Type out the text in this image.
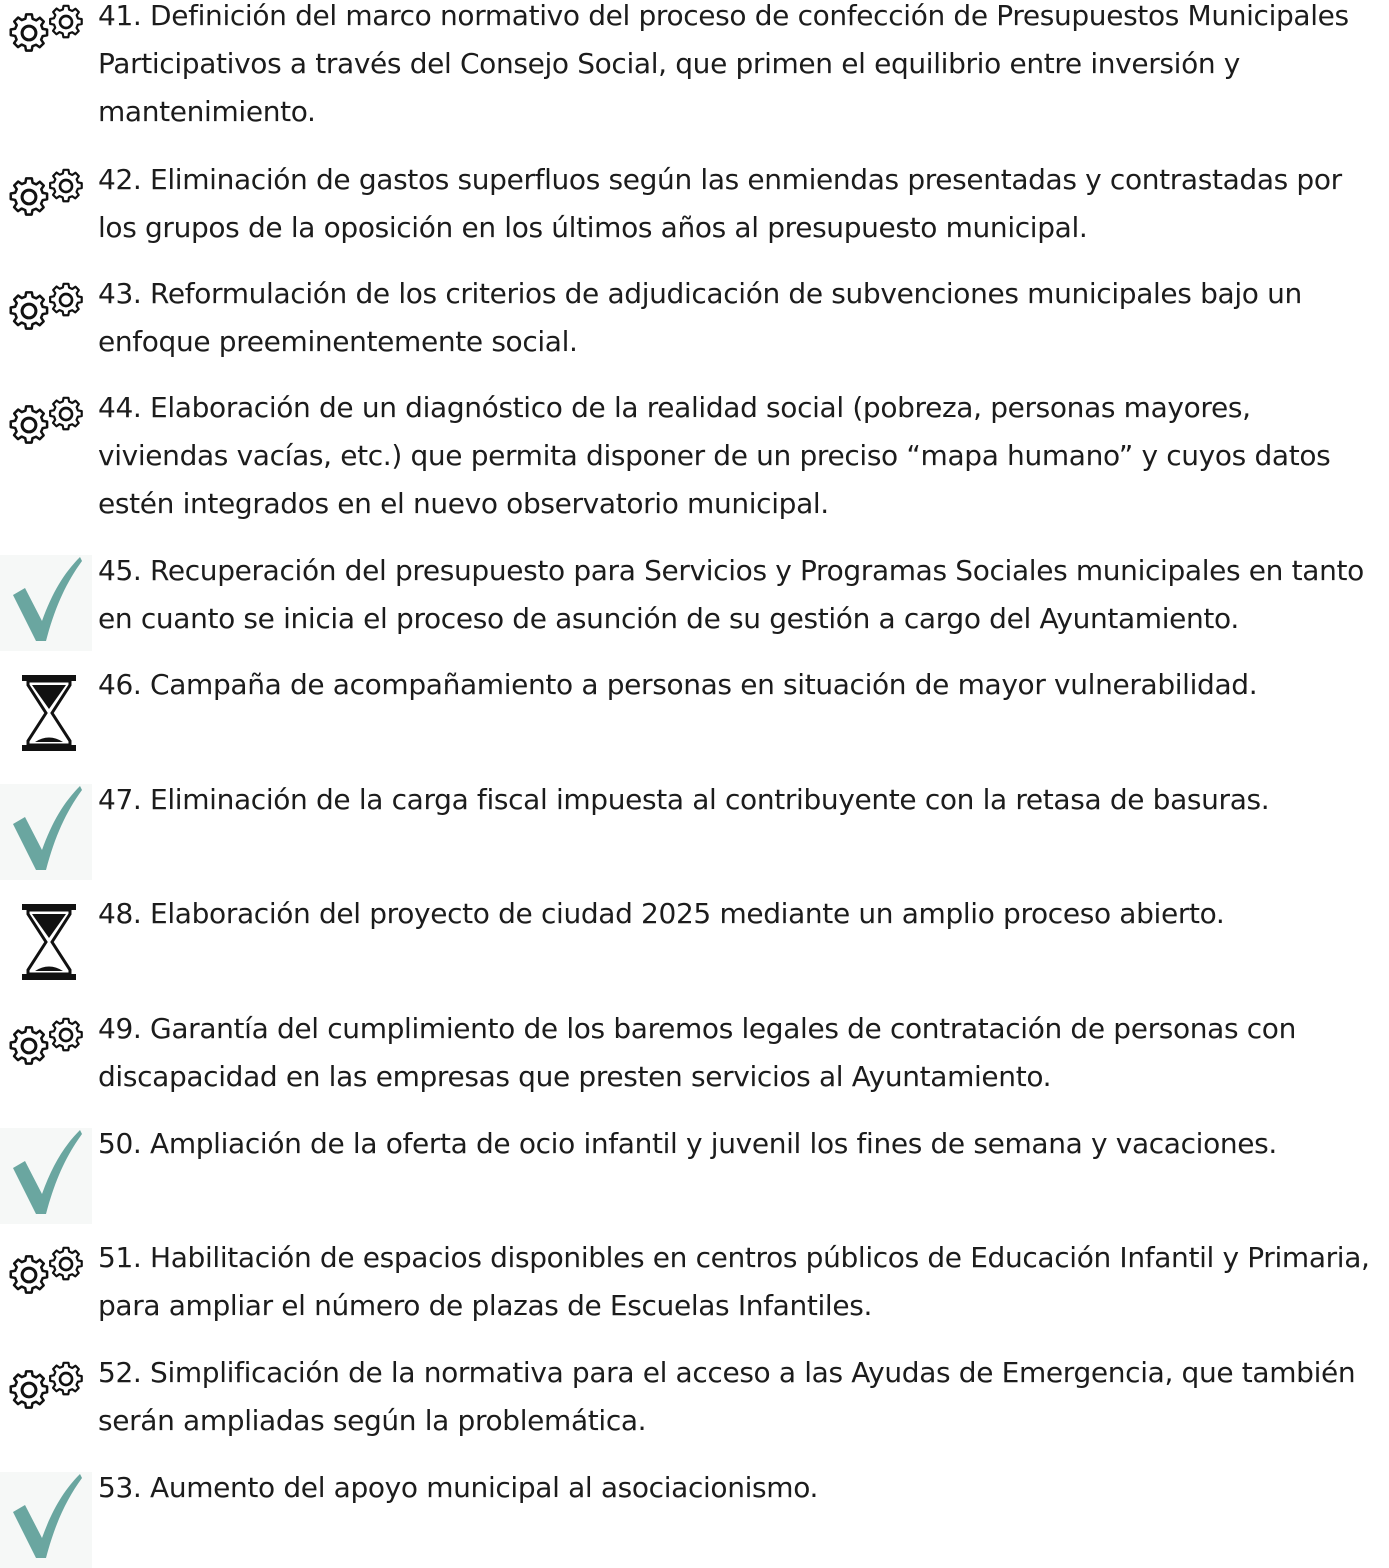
41. Definición del marco normativo del proceso de confección de Presupuestos Municipales Participativos a través del Consejo Social, que primen el equilibrio entre inversión y mantenimiento.

42. Eliminación de gastos superfluos según las enmiendas presentadas y contrastadas por los grupos de la oposición en los últimos años al presupuesto municipal.

43. Reformulación de los criterios de adjudicación de subvenciones municipales bajo un enfoque preeminentemente social.

44. Elaboración de un diagnóstico de la realidad social (pobreza, personas mayores, viviendas vacías, etc.) que permita disponer de un preciso “mapa humano” y cuyos datos estén integrados en el nuevo observatorio municipal.

45. Recuperación del presupuesto para Servicios y Programas Sociales municipales en tanto en cuanto se inicia el proceso de asunción de su gestión a cargo del Ayuntamiento.

46. Campaña de acompañamiento a personas en situación de mayor vulnerabilidad.

47. Eliminación de la carga fiscal impuesta al contribuyente con la retasa de basuras.

48. Elaboración del proyecto de ciudad 2025 mediante un amplio proceso abierto.

49. Garantía del cumplimiento de los baremos legales de contratación de personas con discapacidad en las empresas que presten servicios al Ayuntamiento.

50. Ampliación de la oferta de ocio infantil y juvenil los fines de semana y vacaciones.

51. Habilitación de espacios disponibles en centros públicos de Educación Infantil y Primaria, para ampliar el número de plazas de Escuelas Infantiles.

52. Simplificación de la normativa para el acceso a las Ayudas de Emergencia, que también serán ampliadas según la problemática.

53. Aumento del apoyo municipal al asociacionismo.
